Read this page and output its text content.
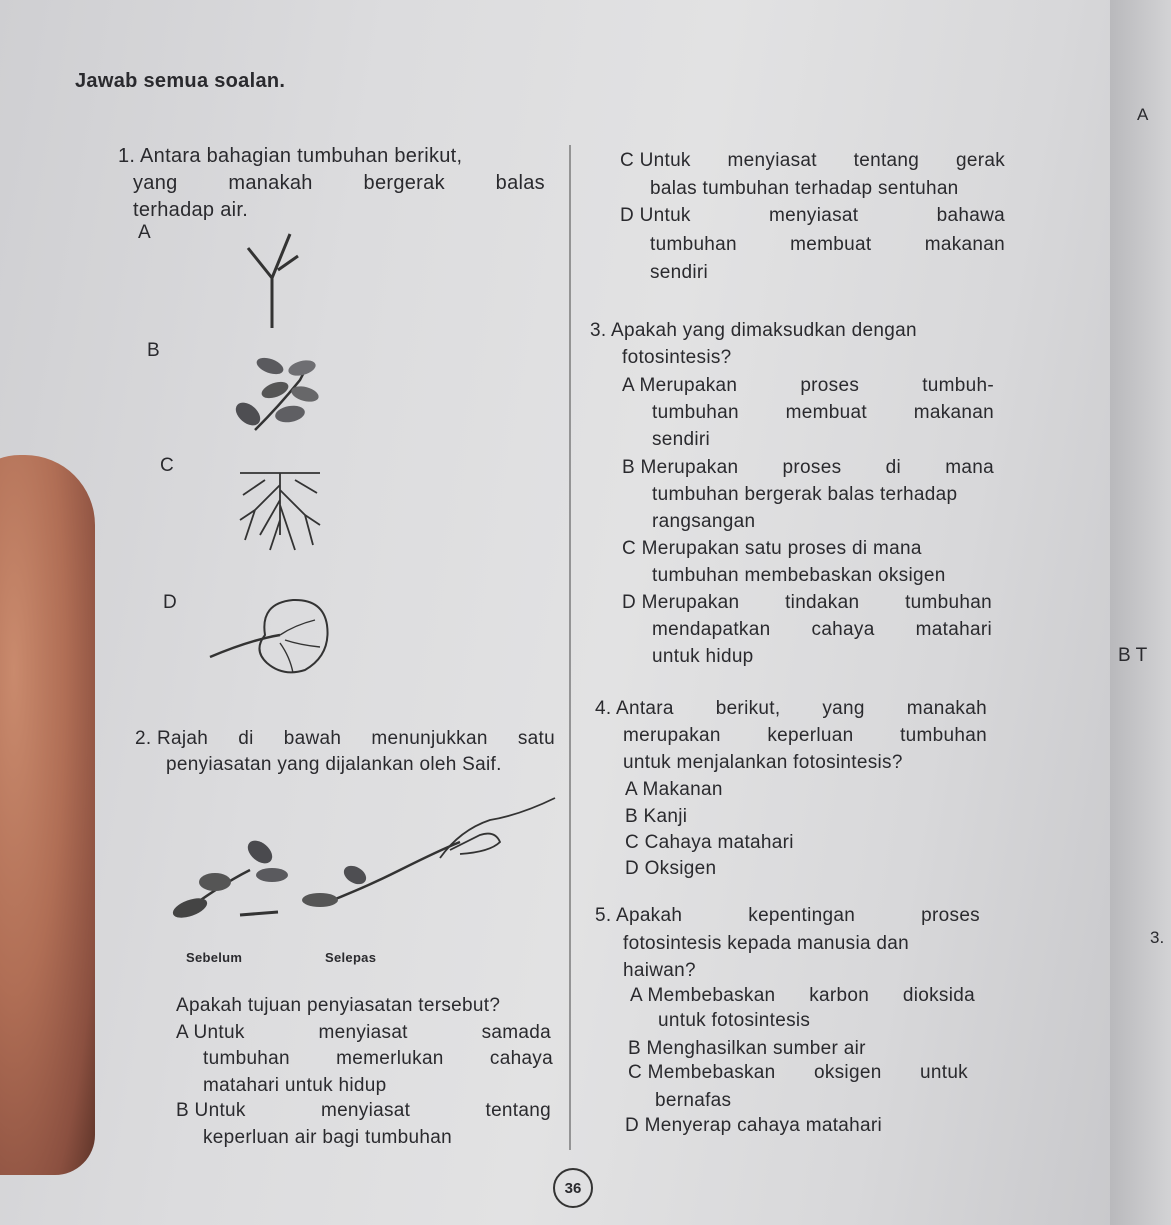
Jawab semua soalan.
1. Antara bahagian tumbuhan berikut,
yang	manakah	bergerak	balas
terhadap air.
A
B
C
D
2. Rajah di bawah menunjukkan satu
penyiasatan yang dijalankan oleh Saif.
Sebelum	Selepas
Apakah tujuan penyiasatan tersebut?
A Untuk	menyiasat	samada
tumbuhan memerlukan cahaya
matahari untuk hidup
B Untuk	menyiasat	tentang
keperluan air bagi tumbuhan
C Untuk menyiasat tentang gerak
balas tumbuhan terhadap sentuhan
D Untuk	menyiasat	bahawa
tumbuhan	membuat	makanan
sendiri
3. Apakah yang dimaksudkan dengan
fotosintesis?
A Merupakan	proses	tumbuh-
tumbuhan membuat makanan
sendiri
B Merupakan proses di mana
tumbuhan bergerak balas terhadap
rangsangan
C Merupakan satu proses di mana
tumbuhan membebaskan oksigen
D Merupakan tindakan tumbuhan
mendapatkan cahaya matahari
untuk hidup
4. Antara berikut, yang manakah
merupakan keperluan tumbuhan
untuk menjalankan fotosintesis?
A Makanan
B Kanji
C Cahaya matahari
D Oksigen
5. Apakah	kepentingan	proses
fotosintesis kepada manusia dan
haiwan?
A Membebaskan karbon dioksida
untuk fotosintesis
B Menghasilkan sumber air
C Membebaskan oksigen untuk
bernafas
D Menyerap cahaya matahari
36
A
B T
3.
